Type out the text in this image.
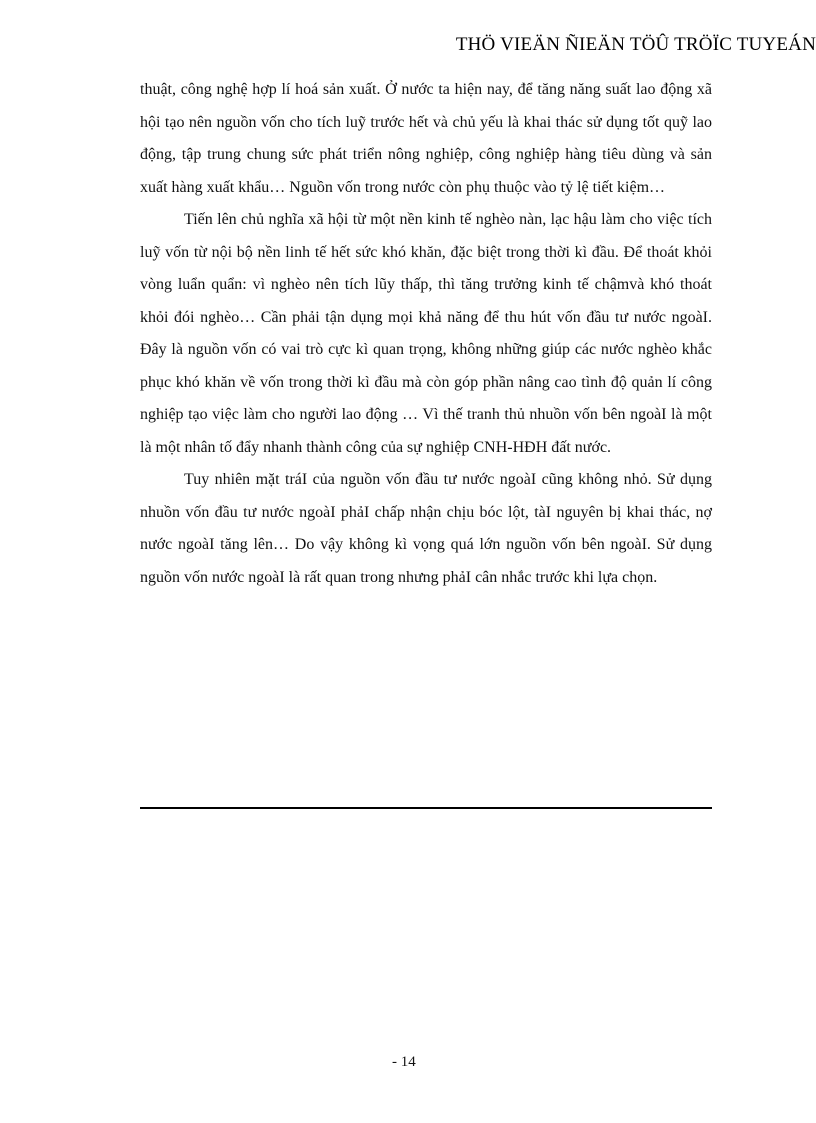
THÖ VIEÄN ÑIEÄN TÖÛ TRÖÏC TUYEÁN

thuật, công nghệ hợp lí hoá sản xuất. Ở nước ta hiện nay, để tăng năng suất lao động xã hội tạo nên nguồn vốn cho tích luỹ trước hết và chủ yếu là khai thác sử dụng tốt quỹ lao động, tập trung chung sức phát triển nông nghiệp, công nghiệp hàng tiêu dùng và sản xuất hàng xuất khẩu… Nguồn vốn trong nước còn phụ thuộc vào tỷ lệ tiết kiệm…

Tiến lên chủ nghĩa xã hội từ một nền kinh tế nghèo nàn, lạc hậu làm cho việc tích luỹ vốn từ nội bộ nền linh tế hết sức khó khăn, đặc biệt trong thời kì đầu. Để thoát khỏi vòng luẩn quẩn: vì nghèo nên tích lũy thấp, thì tăng trưởng kinh tế chậmvà khó thoát khỏi đói nghèo… Cần phải tận dụng mọi khả năng để thu hút vốn đầu tư nước ngoàI. Đây là nguồn vốn có vai trò cực kì quan trọng, không những giúp các nước nghèo khắc phục khó khăn về vốn trong thời kì đầu mà còn góp phần nâng cao tình độ quản lí công nghiệp tạo việc làm cho người lao động … Vì thế tranh thủ nhuồn vốn bên ngoàI là một là một nhân tố đẩy nhanh thành công của sự nghiệp CNH-HĐH đất nước.

Tuy nhiên mặt tráI của nguồn vốn đầu tư nước ngoàI cũng không nhỏ. Sử dụng nhuồn vốn đầu tư nước ngoàI phảI chấp nhận chịu bóc lột, tàI nguyên bị khai thác, nợ nước ngoàI tăng lên… Do vậy không kì vọng quá lớn nguồn vốn bên ngoàI. Sử dụng nguồn vốn nước ngoàI là rất quan trong nhưng phảI cân nhắc trước khi lựa chọn.

- 14
